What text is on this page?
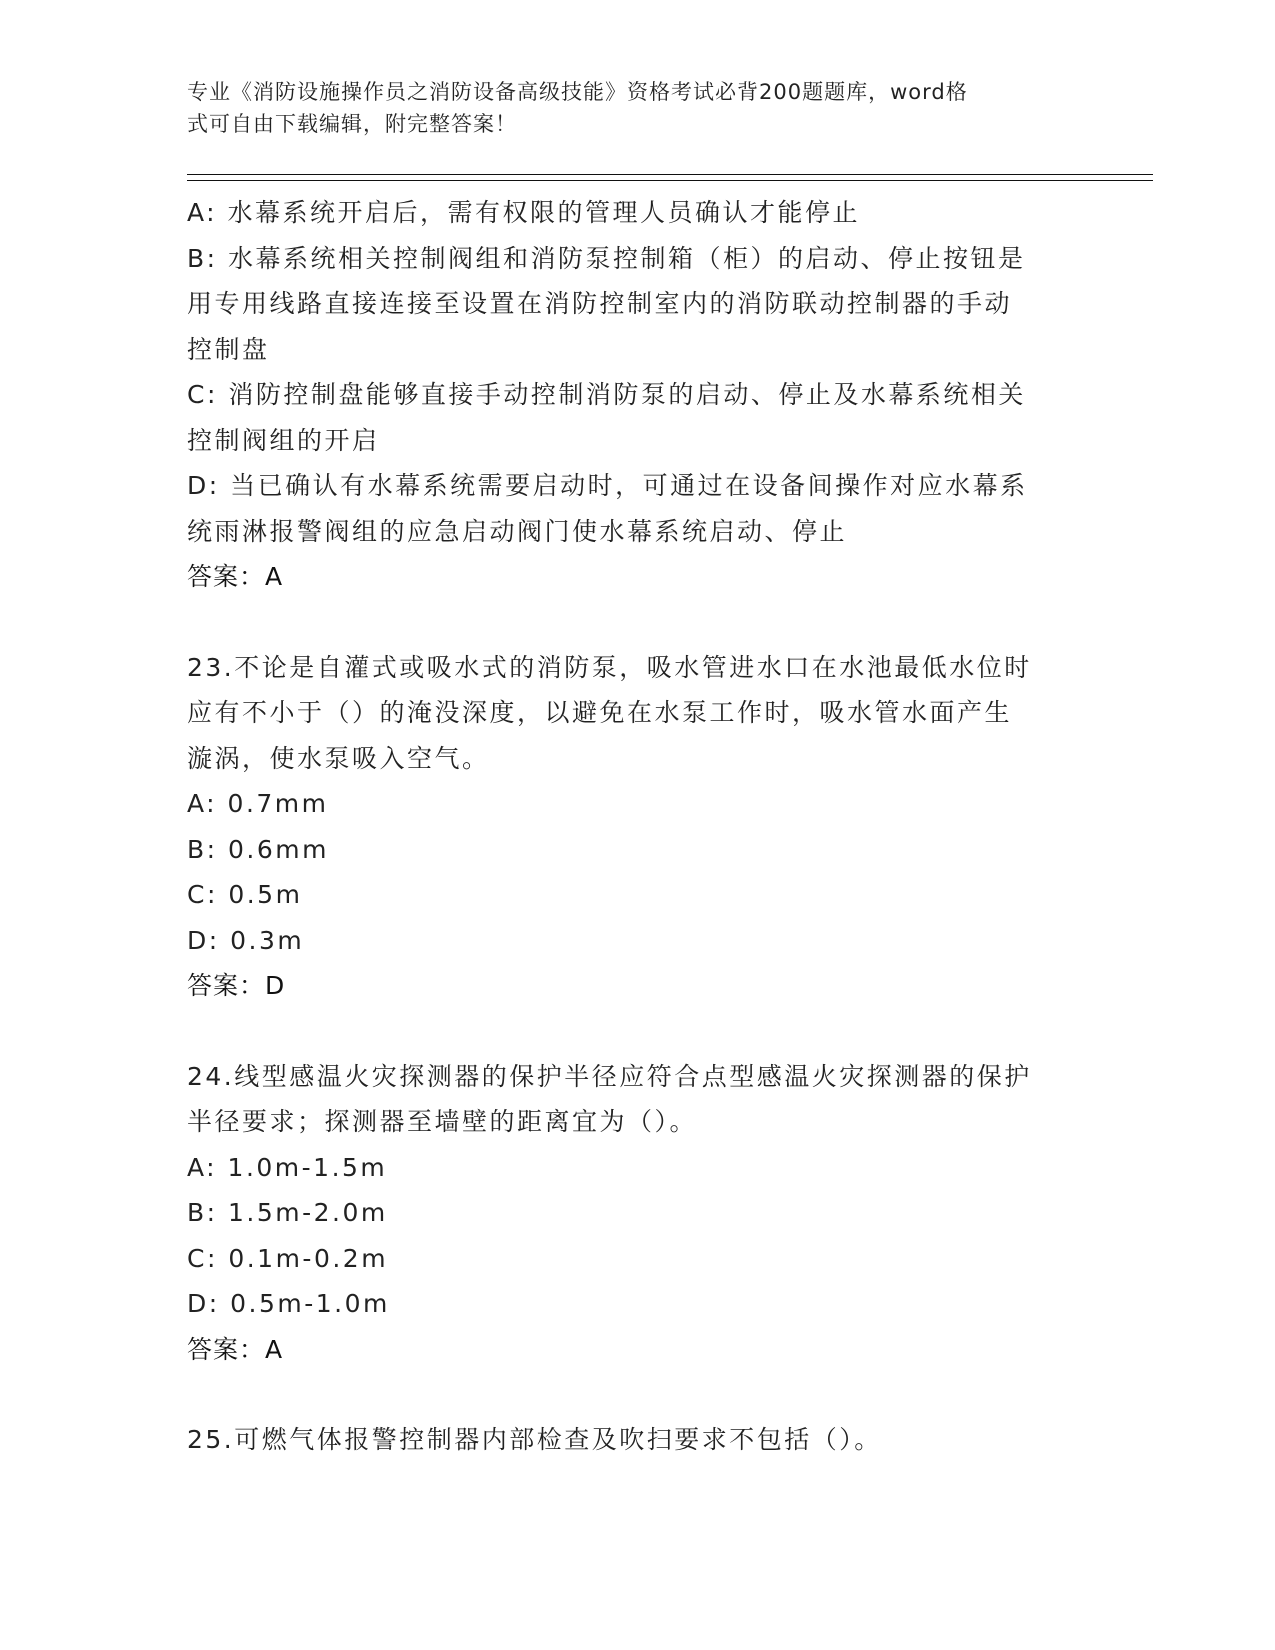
专业《消防设施操作员之消防设备高级技能》资格考试必背200题题库，word格
式可自由下载编辑，附完整答案！
A: 水幕系统开启后，需有权限的管理人员确认才能停止
B: 水幕系统相关控制阀组和消防泵控制箱（柜）的启动、停止按钮是
用专用线路直接连接至设置在消防控制室内的消防联动控制器的手动
控制盘
C: 消防控制盘能够直接手动控制消防泵的启动、停止及水幕系统相关
控制阀组的开启
D: 当已确认有水幕系统需要启动时，可通过在设备间操作对应水幕系
统雨淋报警阀组的应急启动阀门使水幕系统启动、停止
答案：A
23.不论是自灌式或吸水式的消防泵，吸水管进水口在水池最低水位时
应有不小于（）的淹没深度，以避免在水泵工作时，吸水管水面产生
漩涡，使水泵吸入空气。
A: 0.7mm
B: 0.6mm
C: 0.5m
D: 0.3m
答案：D
24.线型感温火灾探测器的保护半径应符合点型感温火灾探测器的保护
半径要求；探测器至墙壁的距离宜为（）。
A: 1.0m-1.5m
B: 1.5m-2.0m
C: 0.1m-0.2m
D: 0.5m-1.0m
答案：A
25.可燃气体报警控制器内部检查及吹扫要求不包括（）。
